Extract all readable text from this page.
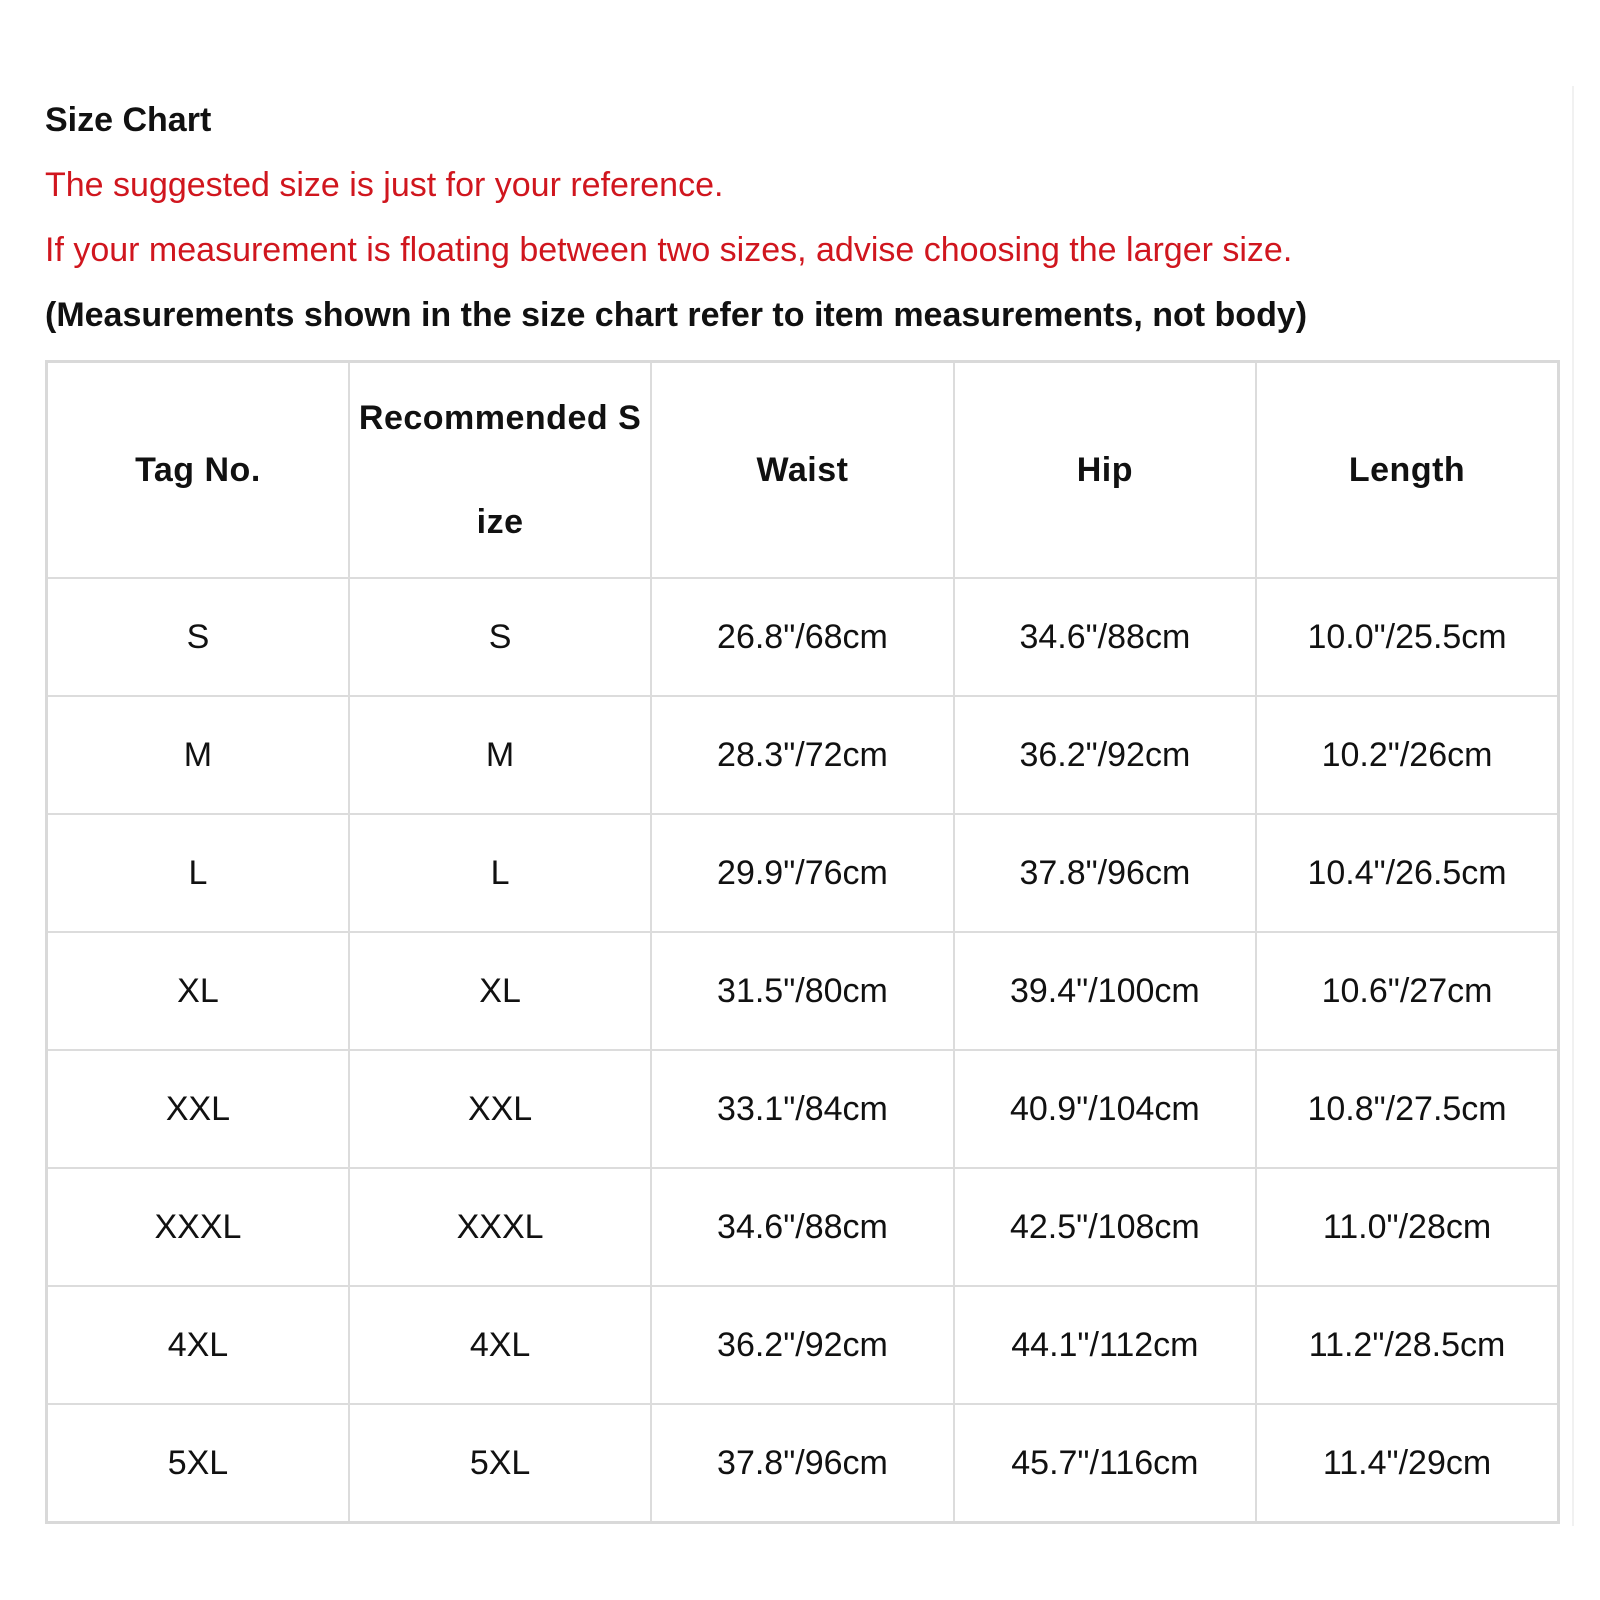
Size Chart
The suggested size is just for your reference.
If your measurement is floating between two sizes, advise choosing the larger size.
(Measurements shown in the size chart refer to item measurements, not body)
Tag No.	Recommended Size	Waist	Hip	Length
S	S	26.8"/68cm	34.6"/88cm	10.0"/25.5cm
M	M	28.3"/72cm	36.2"/92cm	10.2"/26cm
L	L	29.9"/76cm	37.8"/96cm	10.4"/26.5cm
XL	XL	31.5"/80cm	39.4"/100cm	10.6"/27cm
XXL	XXL	33.1"/84cm	40.9"/104cm	10.8"/27.5cm
XXXL	XXXL	34.6"/88cm	42.5"/108cm	11.0"/28cm
4XL	4XL	36.2"/92cm	44.1"/112cm	11.2"/28.5cm
5XL	5XL	37.8"/96cm	45.7"/116cm	11.4"/29cm
